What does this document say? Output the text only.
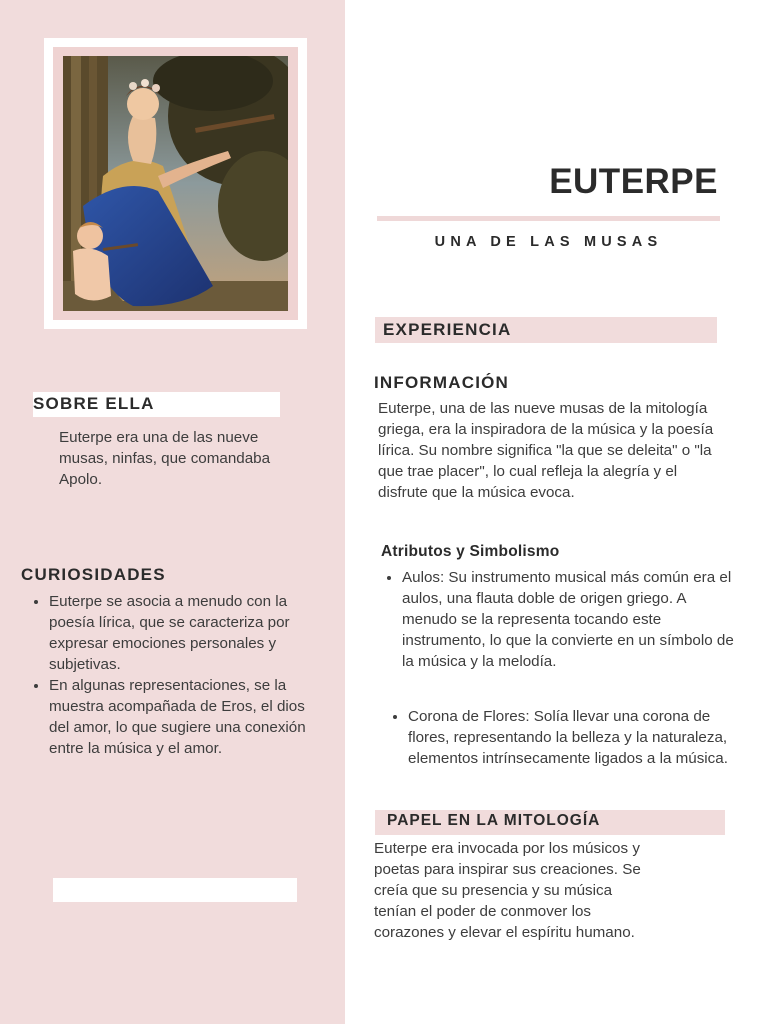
SOBRE ELLA

Euterpe era una de las nueve musas, ninfas, que comandaba Apolo.

CURIOSIDADES
• Euterpe se asocia a menudo con la poesía lírica, que se caracteriza por expresar emociones personales y subjetivas.
• En algunas representaciones, se la muestra acompañada de Eros, el dios del amor, lo que sugiere una conexión entre la música y el amor.
EUTERPE
UNA DE LAS MUSAS
EXPERIENCIA
INFORMACIÓN

Euterpe, una de las nueve musas de la mitología griega, era la inspiradora de la música y la poesía lírica. Su nombre significa "la que se deleita" o "la que trae placer", lo cual refleja la alegría y el disfrute que la música evoca.

Atributos y Simbolismo
• Aulos: Su instrumento musical más común era el aulos, una flauta doble de origen griego. A menudo se la representa tocando este instrumento, lo que la convierte en un símbolo de la música y la melodía.
• Corona de Flores: Solía llevar una corona de flores, representando la belleza y la naturaleza, elementos intrínsecamente ligados a la música.
PAPEL EN LA MITOLOGÍA

Euterpe era invocada por los músicos y poetas para inspirar sus creaciones. Se creía que su presencia y su música tenían el poder de conmover los corazones y elevar el espíritu humano.
